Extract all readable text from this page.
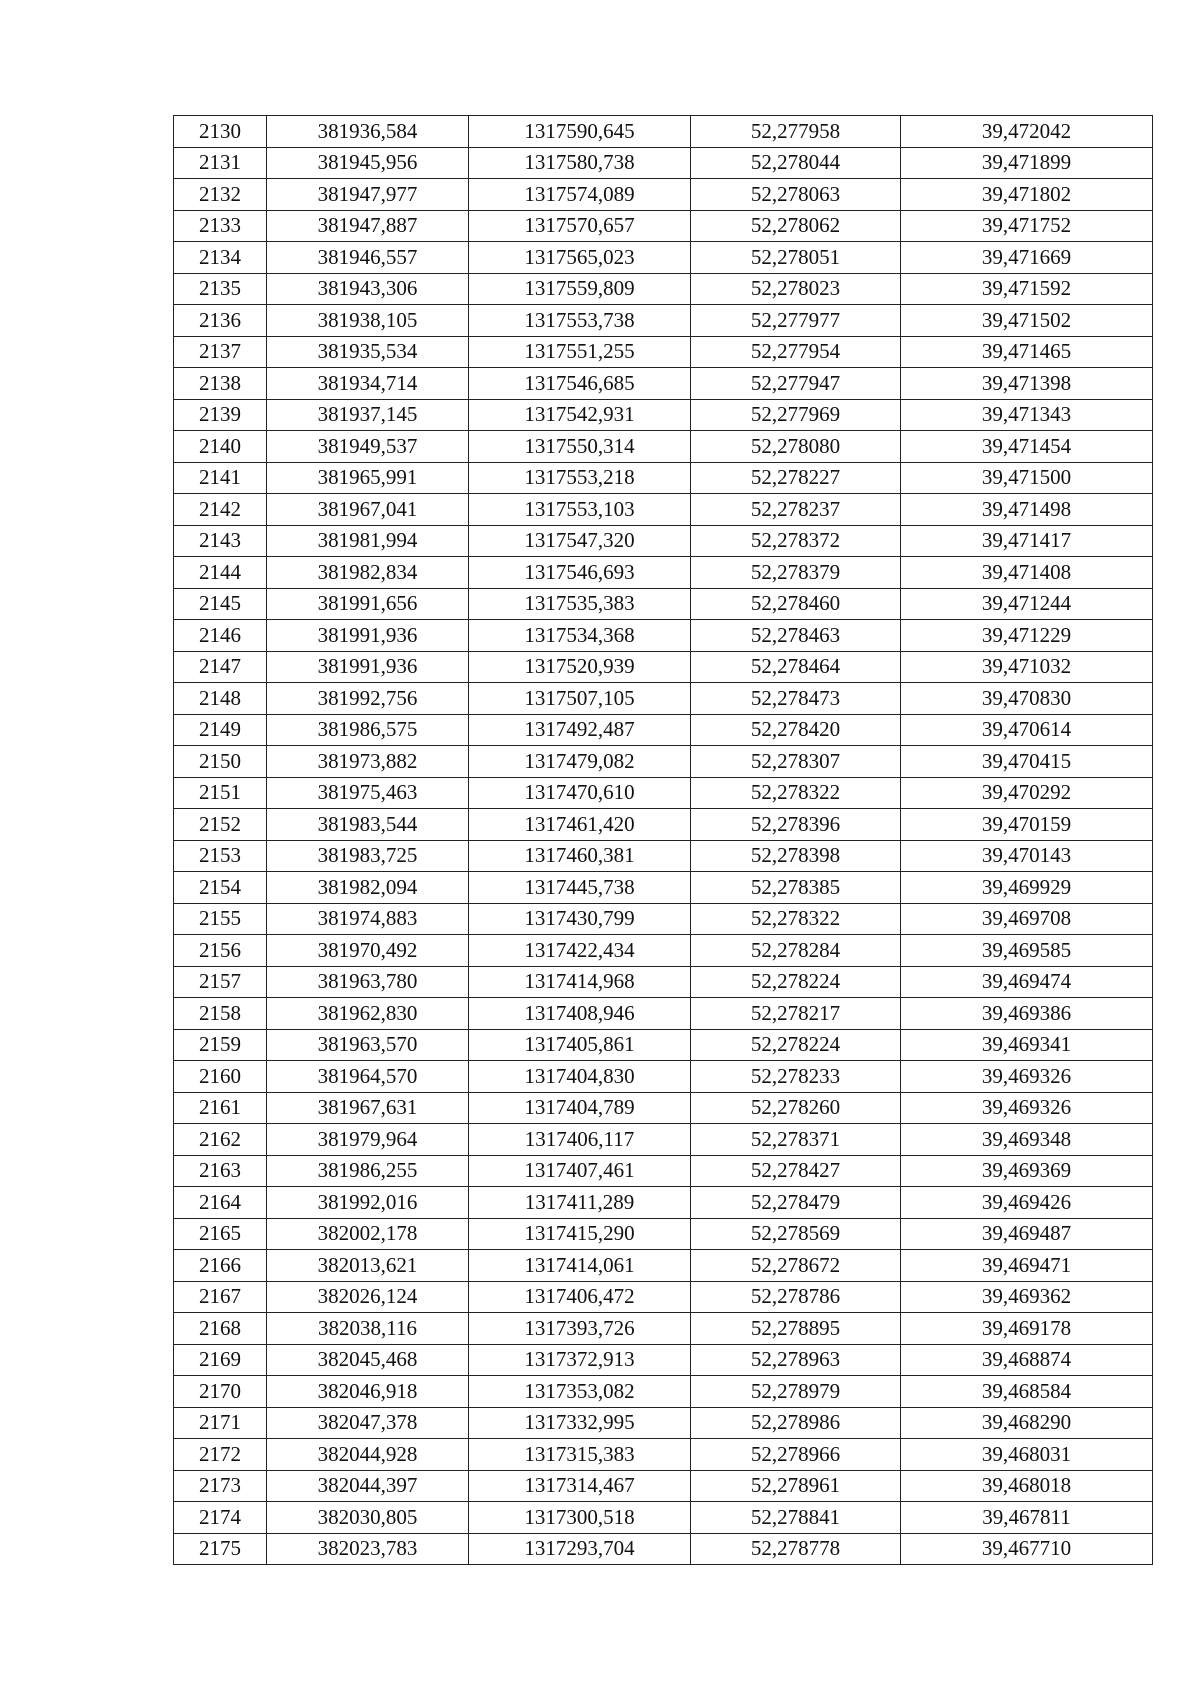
2130	381936,584	1317590,645	52,277958	39,472042
2131	381945,956	1317580,738	52,278044	39,471899
2132	381947,977	1317574,089	52,278063	39,471802
2133	381947,887	1317570,657	52,278062	39,471752
2134	381946,557	1317565,023	52,278051	39,471669
2135	381943,306	1317559,809	52,278023	39,471592
2136	381938,105	1317553,738	52,277977	39,471502
2137	381935,534	1317551,255	52,277954	39,471465
2138	381934,714	1317546,685	52,277947	39,471398
2139	381937,145	1317542,931	52,277969	39,471343
2140	381949,537	1317550,314	52,278080	39,471454
2141	381965,991	1317553,218	52,278227	39,471500
2142	381967,041	1317553,103	52,278237	39,471498
2143	381981,994	1317547,320	52,278372	39,471417
2144	381982,834	1317546,693	52,278379	39,471408
2145	381991,656	1317535,383	52,278460	39,471244
2146	381991,936	1317534,368	52,278463	39,471229
2147	381991,936	1317520,939	52,278464	39,471032
2148	381992,756	1317507,105	52,278473	39,470830
2149	381986,575	1317492,487	52,278420	39,470614
2150	381973,882	1317479,082	52,278307	39,470415
2151	381975,463	1317470,610	52,278322	39,470292
2152	381983,544	1317461,420	52,278396	39,470159
2153	381983,725	1317460,381	52,278398	39,470143
2154	381982,094	1317445,738	52,278385	39,469929
2155	381974,883	1317430,799	52,278322	39,469708
2156	381970,492	1317422,434	52,278284	39,469585
2157	381963,780	1317414,968	52,278224	39,469474
2158	381962,830	1317408,946	52,278217	39,469386
2159	381963,570	1317405,861	52,278224	39,469341
2160	381964,570	1317404,830	52,278233	39,469326
2161	381967,631	1317404,789	52,278260	39,469326
2162	381979,964	1317406,117	52,278371	39,469348
2163	381986,255	1317407,461	52,278427	39,469369
2164	381992,016	1317411,289	52,278479	39,469426
2165	382002,178	1317415,290	52,278569	39,469487
2166	382013,621	1317414,061	52,278672	39,469471
2167	382026,124	1317406,472	52,278786	39,469362
2168	382038,116	1317393,726	52,278895	39,469178
2169	382045,468	1317372,913	52,278963	39,468874
2170	382046,918	1317353,082	52,278979	39,468584
2171	382047,378	1317332,995	52,278986	39,468290
2172	382044,928	1317315,383	52,278966	39,468031
2173	382044,397	1317314,467	52,278961	39,468018
2174	382030,805	1317300,518	52,278841	39,467811
2175	382023,783	1317293,704	52,278778	39,467710
